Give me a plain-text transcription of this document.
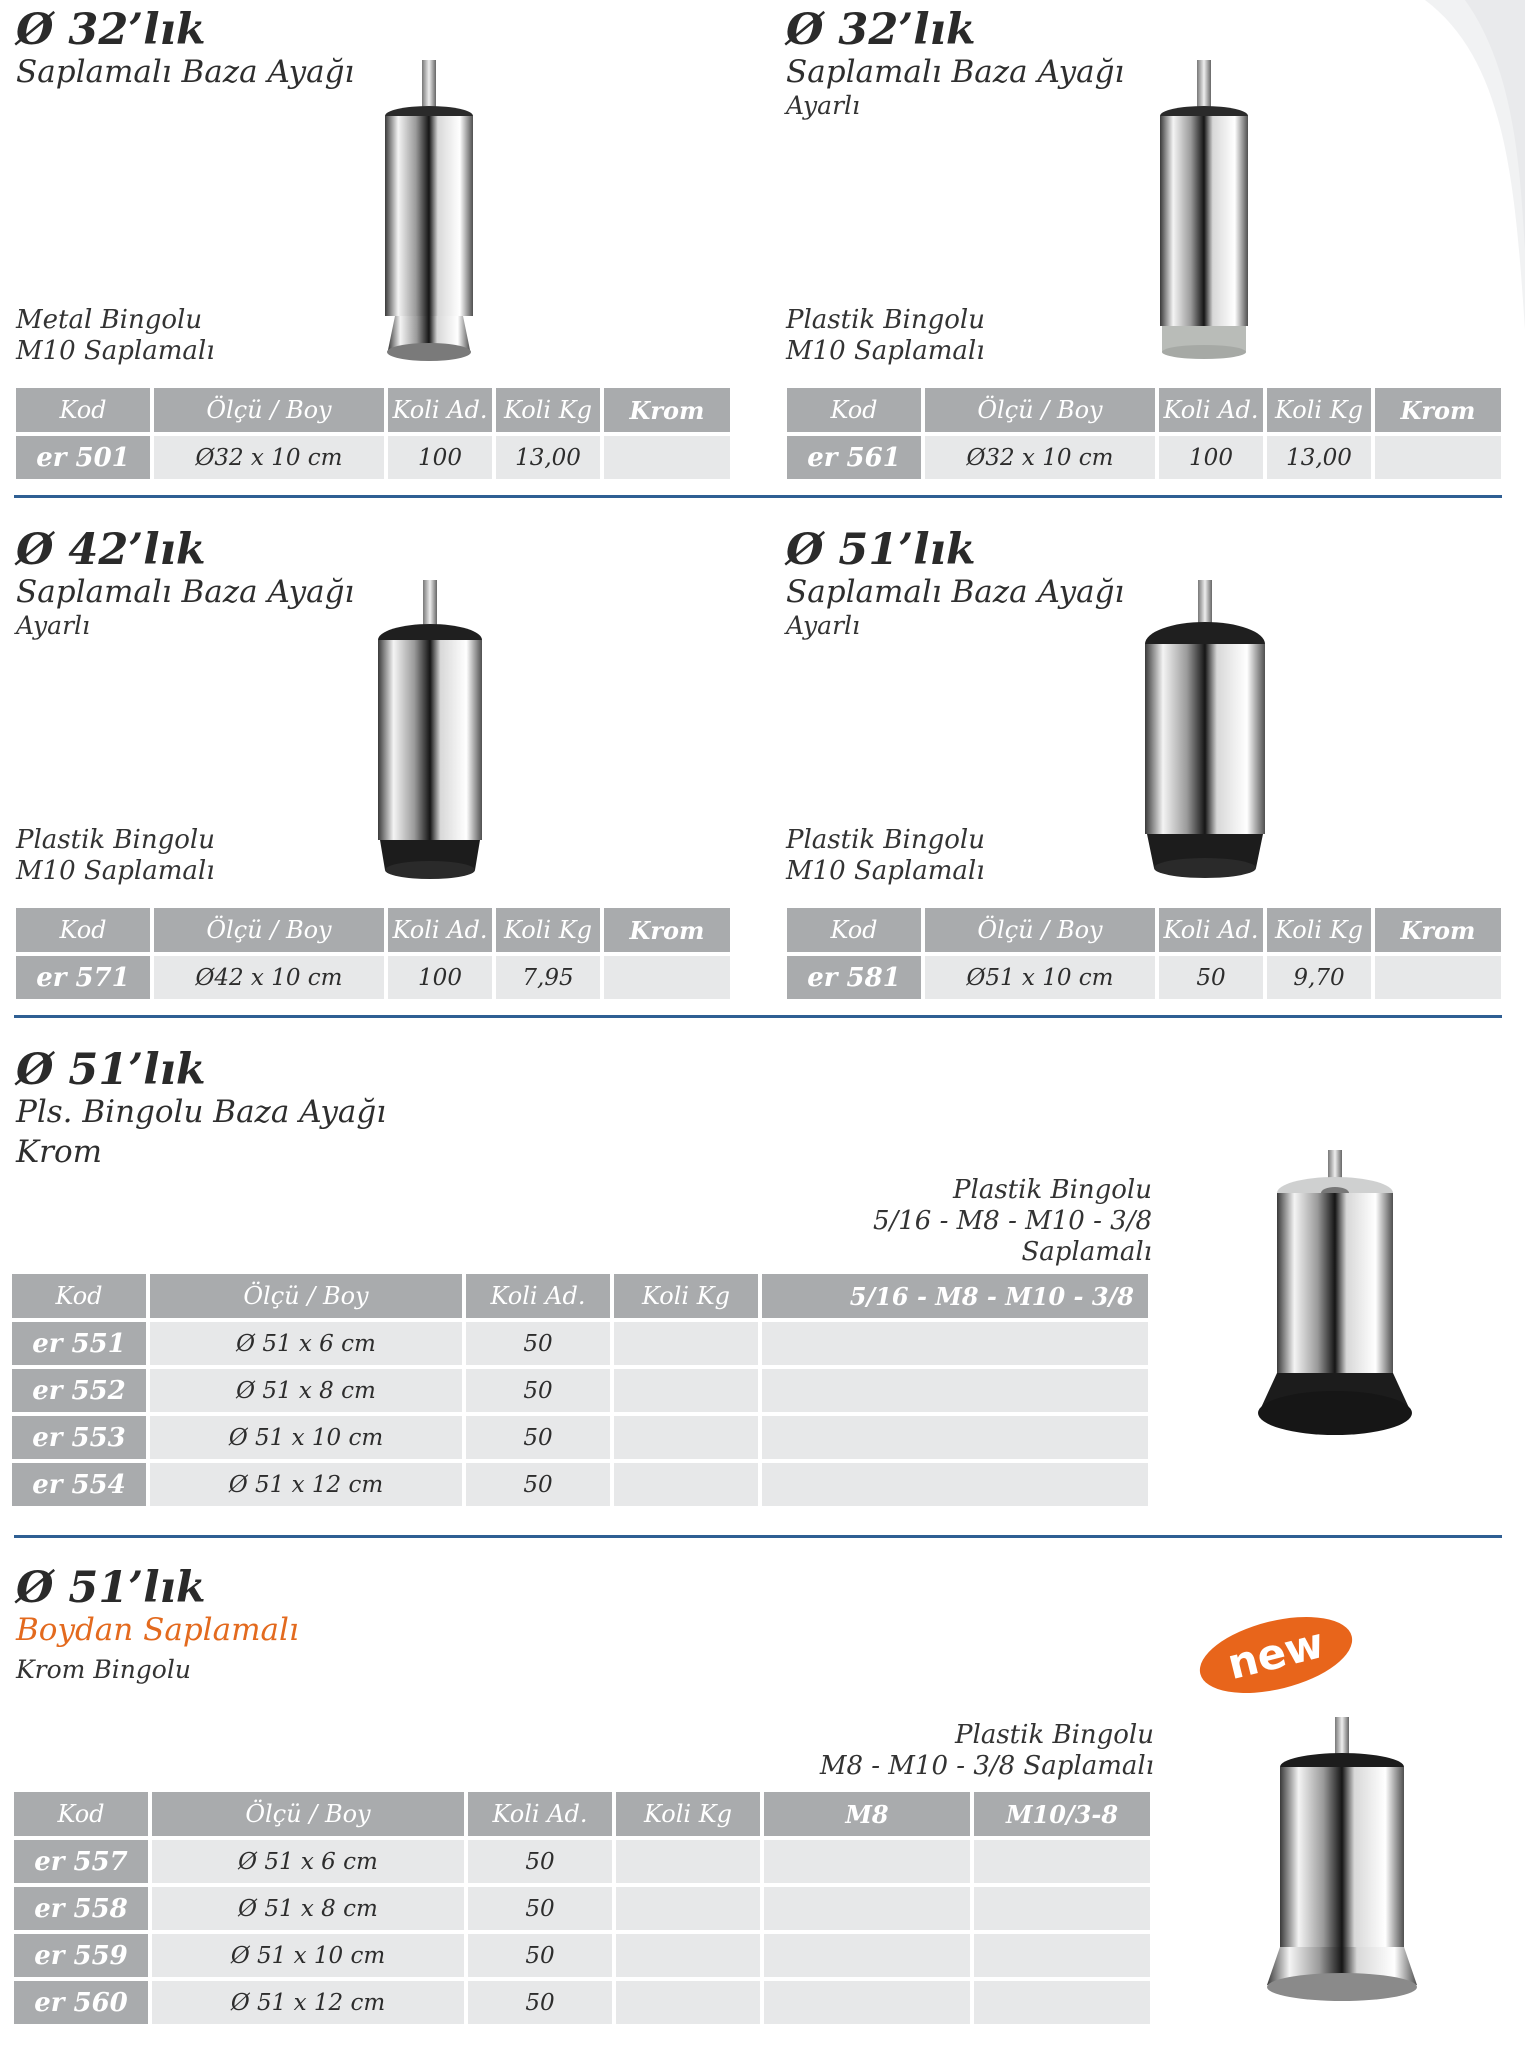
Ø 32’lık
Saplamalı Baza Ayağı
Metal Bingolu
M10 Saplamalı
Kod	Ölçü / Boy	Koli Ad.	Koli Kg	Krom
er 501	Ø32 x 10 cm	100	13,00	
Ø 32’lık
Saplamalı Baza Ayağı
Ayarlı
Plastik Bingolu
M10 Saplamalı
Kod	Ölçü / Boy	Koli Ad.	Koli Kg	Krom
er 561	Ø32 x 10 cm	100	13,00	
Ø 42’lık
Saplamalı Baza Ayağı
Ayarlı
Plastik Bingolu
M10 Saplamalı
Kod	Ölçü / Boy	Koli Ad.	Koli Kg	Krom
er 571	Ø42 x 10 cm	100	7,95	
Ø 51’lık
Saplamalı Baza Ayağı
Ayarlı
Plastik Bingolu
M10 Saplamalı
Kod	Ölçü / Boy	Koli Ad.	Koli Kg	Krom
er 581	Ø51 x 10 cm	50	9,70	
Ø 51’lık
Pls. Bingolu Baza Ayağı
Krom
Plastik Bingolu
5/16 - M8 - M10 - 3/8
Saplamalı
Kod	Ölçü / Boy	Koli Ad.	Koli Kg	5/16 - M8 - M10 - 3/8
er 551	Ø 51 x 6 cm	50		
er 552	Ø 51 x 8 cm	50		
er 553	Ø 51 x 10 cm	50		
er 554	Ø 51 x 12 cm	50		
Ø 51’lık
Boydan Saplamalı
Krom Bingolu	new
Plastik Bingolu
M8 - M10 - 3/8 Saplamalı
Kod	Ölçü / Boy	Koli Ad.	Koli Kg	M8	M10/3-8
er 557	Ø 51 x 6 cm	50			
er 558	Ø 51 x 8 cm	50			
er 559	Ø 51 x 10 cm	50			
er 560	Ø 51 x 12 cm	50			
